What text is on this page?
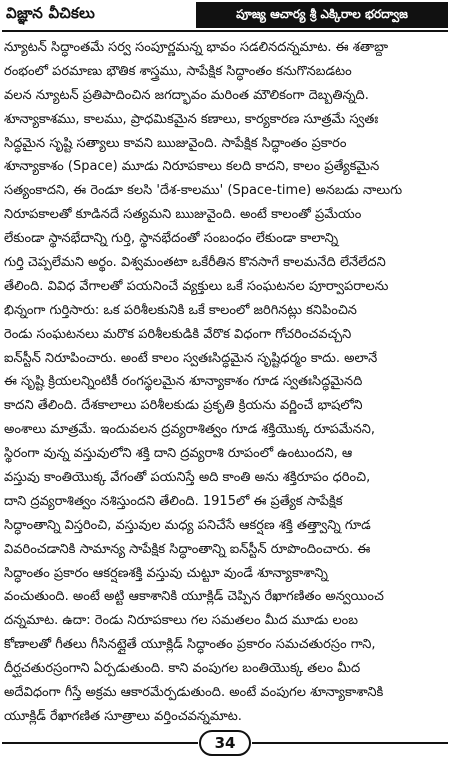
విజ్ఞాన వీచికలు	పూజ్య ఆచార్య శ్రీ ఎక్కిరాల భరద్వాజ
న్యూటన్ సిద్ధాంతమే సర్వ సంపూర్ణమన్న భావం సడలినదన్నమాట. ఈ శతాబ్దా
రంభంలో పరమాణు భౌతిక శాస్త్రము, సాపేక్షిక సిద్ధాంతం కనుగొనబడటం
వలన న్యూటన్ ప్రతిపాదించిన జగద్భావం మరింత మౌలికంగా దెబ్బతిన్నది.
శూన్యాకాశము, కాలము, ప్రాధమికమైన కణాలు, కార్యకారణ సూత్రమే స్వతః
సిద్ధమైన సృష్టి సత్యాలు కావని ఋజువైంది. సాపేక్షిక సిద్ధాంతం ప్రకారం
శూన్యాకాశం (Space) మూడు నిరూపకాలు కలది కాదని, కాలం ప్రత్యేకమైన
సత్యంకాదని, ఈ రెండూ కలసి 'దేశ-కాలము' (Space-time) అనబడు నాలుగు
నిరూపకాలతో కూడినదే సత్యమని ఋజువైంది. అంటే కాలంతో ప్రమేయం
లేకుండా స్థానభేదాన్ని గుర్తి, స్థానభేదంతో సంబంధం లేకుండా కాలాన్ని
గుర్తి చెప్పలేమని అర్థం. విశ్వమంతటా ఒకేరీతిన కొనసాగే కాలమనేది లేనేలేదని
తేలింది. వివిధ వేగాలతో పయనించే వ్యక్తులు ఒకే సంఘటనల పూర్వాపరాలను
భిన్నంగా గుర్తిసారు: ఒక పరిశీలకునికి ఒకే కాలంలో జరిగినట్లు కనిపించిన
రెండు సంఘటనలు మరొక పరిశీలకుడికి వేరొక విధంగా గోచరించవచ్చని
ఐన్‌స్టీన్ నిరూపించారు. అంటే కాలం స్వతఃసిద్ధమైన సృష్టిధర్మం కాదు. అలానే
ఈ సృష్టి క్రియలన్నింటికీ రంగస్థలమైన శూన్యాకాశం గూడ స్వతఃసిద్ధమైనది
కాదని తేలింది. దేశకాలాలు పరిశీలకుడు ప్రకృతి క్రియను వర్ణించే భాషలోని
అంశాలు మాత్రమే. ఇందువలన ద్రవ్యరాశిత్వం గూడ శక్తియొక్క రూపమేనని,
స్థిరంగా వున్న వస్తువులోని శక్తి దాని ద్రవ్యరాశి రూపంలో ఉంటుందని, ఆ
వస్తువు కాంతియొక్క వేగంతో పయనిస్తే అది కాంతి అను శక్తిరూపం ధరించి,
దాని ద్రవ్యరాశిత్వం నశిస్తుందని తేలింది. 1915లో ఈ ప్రత్యేక సాపేక్షిక
సిద్ధాంతాన్ని విస్తరించి, వస్తువుల మధ్య పనిచేసే ఆకర్షణ శక్తి తత్త్వాన్ని గూడ
వివరించడానికి సామాన్య సాపేక్షిక సిద్ధాంతాన్ని ఐన్‌స్టీన్ రూపొందించారు. ఈ
సిద్ధాంతం ప్రకారం ఆకర్షణశక్తి వస్తువు చుట్టూ వుండే శూన్యాకాశాన్ని
వంచుతుంది. అంటే అట్టి ఆకాశానికి యూక్లిడ్ చెప్పిన రేఖాగణితం అన్వయించ
దన్నమాట. ఉదా: రెండు నిరూపకాలు గల సమతలం మీద మూడు లంబ
కోణాలతో గీతలు గీసినట్లైతే యూక్లిడ్ సిద్ధాంతం ప్రకారం సమచతురస్రం గాని,
దీర్ఘచతురస్రంగాని ఏర్పడుతుంది. కాని వంపుగల బంతియొక్క తలం మీద
అదేవిధంగా గీస్తే అక్రమ ఆకారమేర్పడుతుంది. అంటే వంపుగల శూన్యాకాశానికి
యూక్లిడ్ రేఖాగణిత సూత్రాలు వర్తించవన్నమాట.
34
